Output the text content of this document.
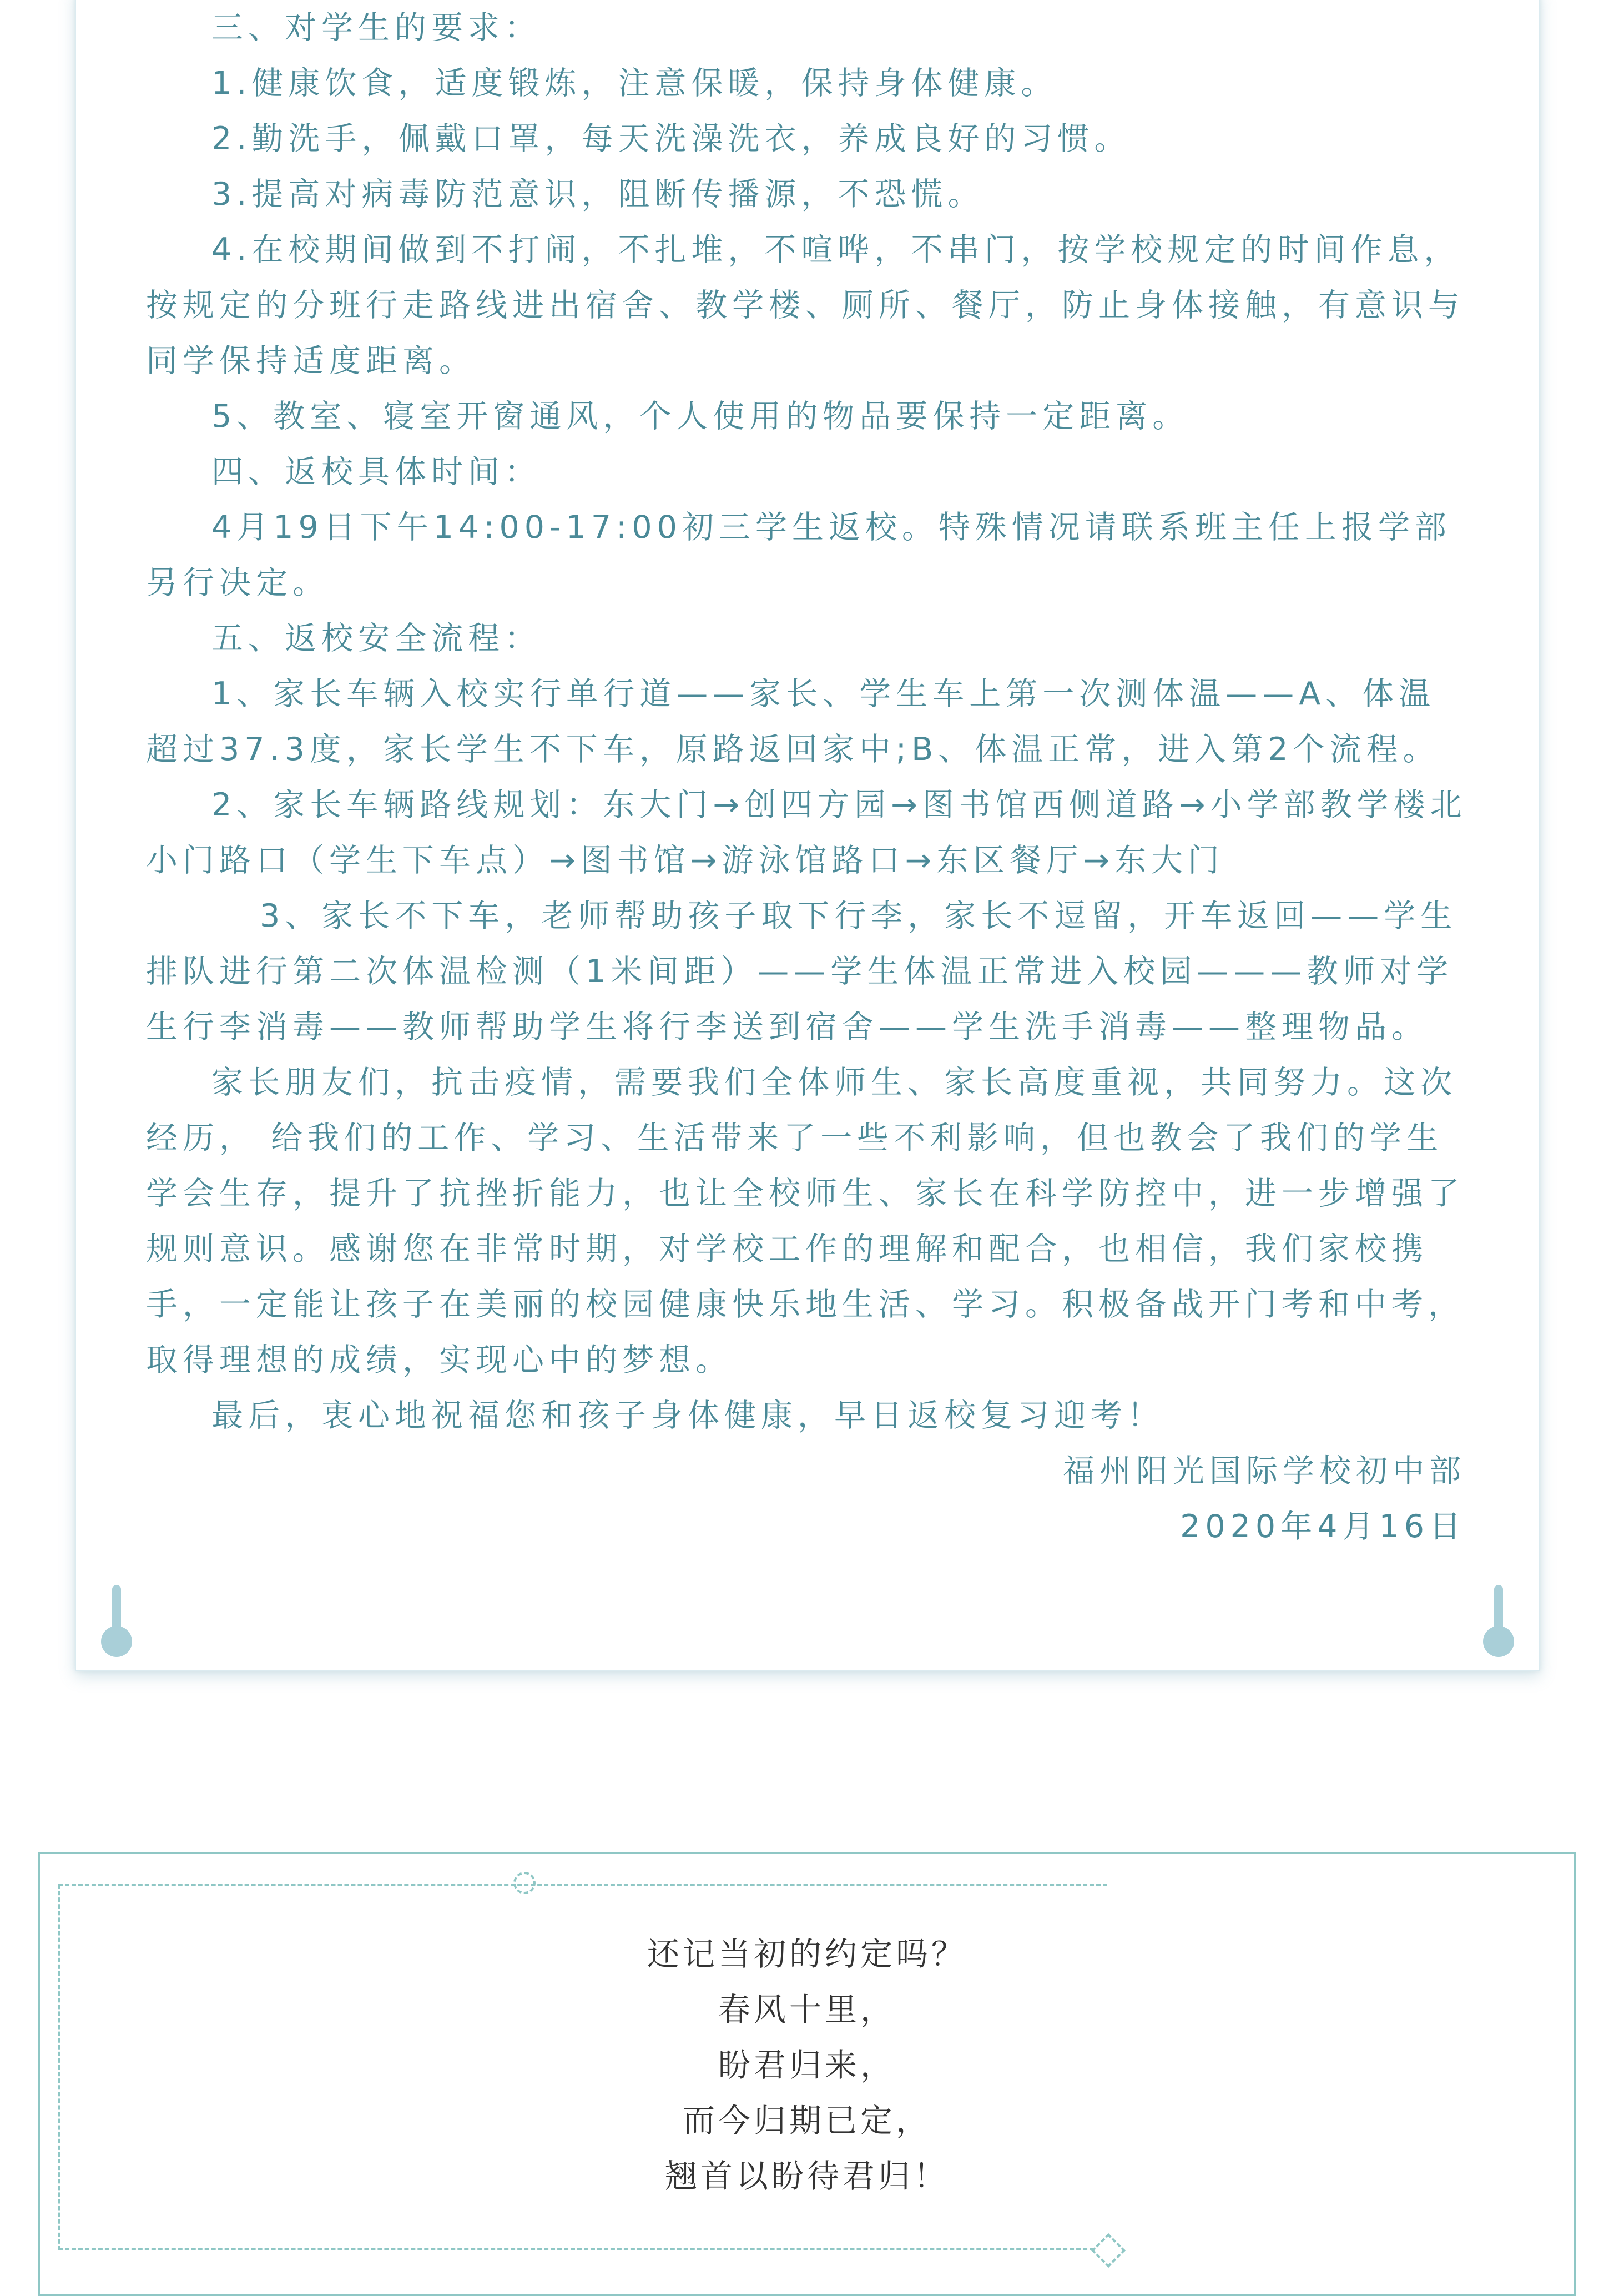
三、对学生的要求：

1.健康饮食，适度锻炼，注意保暖，保持身体健康。

2.勤洗手，佩戴口罩，每天洗澡洗衣，养成良好的习惯。

3.提高对病毒防范意识，阻断传播源，不恐慌。

4.在校期间做到不打闹，不扎堆，不喧哗，不串门，按学校规定的时间作息，按规定的分班行走路线进出宿舍、教学楼、厕所、餐厅，防止身体接触，有意识与同学保持适度距离。

5、教室、寝室开窗通风，个人使用的物品要保持一定距离。

四、返校具体时间：

4月19日下午14:00-17:00初三学生返校。特殊情况请联系班主任上报学部另行决定。

五、返校安全流程：

1、家长车辆入校实行单行道——家长、学生车上第一次测体温——A、体温超过37.3度，家长学生不下车，原路返回家中;B、体温正常，进入第2个流程。

2、家长车辆路线规划：东大门→创四方园→图书馆西侧道路→小学部教学楼北小门路口（学生下车点）→图书馆→游泳馆路口→东区餐厅→东大门

3、家长不下车，老师帮助孩子取下行李，家长不逗留，开车返回——学生排队进行第二次体温检测（1米间距）——学生体温正常进入校园———教师对学生行李消毒——教师帮助学生将行李送到宿舍——学生洗手消毒——整理物品。

家长朋友们，抗击疫情，需要我们全体师生、家长高度重视，共同努力。这次经历， 给我们的工作、学习、生活带来了一些不利影响，但也教会了我们的学生学会生存，提升了抗挫折能力，也让全校师生、家长在科学防控中，进一步增强了规则意识。感谢您在非常时期，对学校工作的理解和配合，也相信，我们家校携手，一定能让孩子在美丽的校园健康快乐地生活、学习。积极备战开门考和中考，取得理想的成绩，实现心中的梦想。

最后，衷心地祝福您和孩子身体健康，早日返校复习迎考！

福州阳光国际学校初中部
2020年4月16日
还记当初的约定吗？
春风十里，
盼君归来，
而今归期已定，
翘首以盼待君归！
